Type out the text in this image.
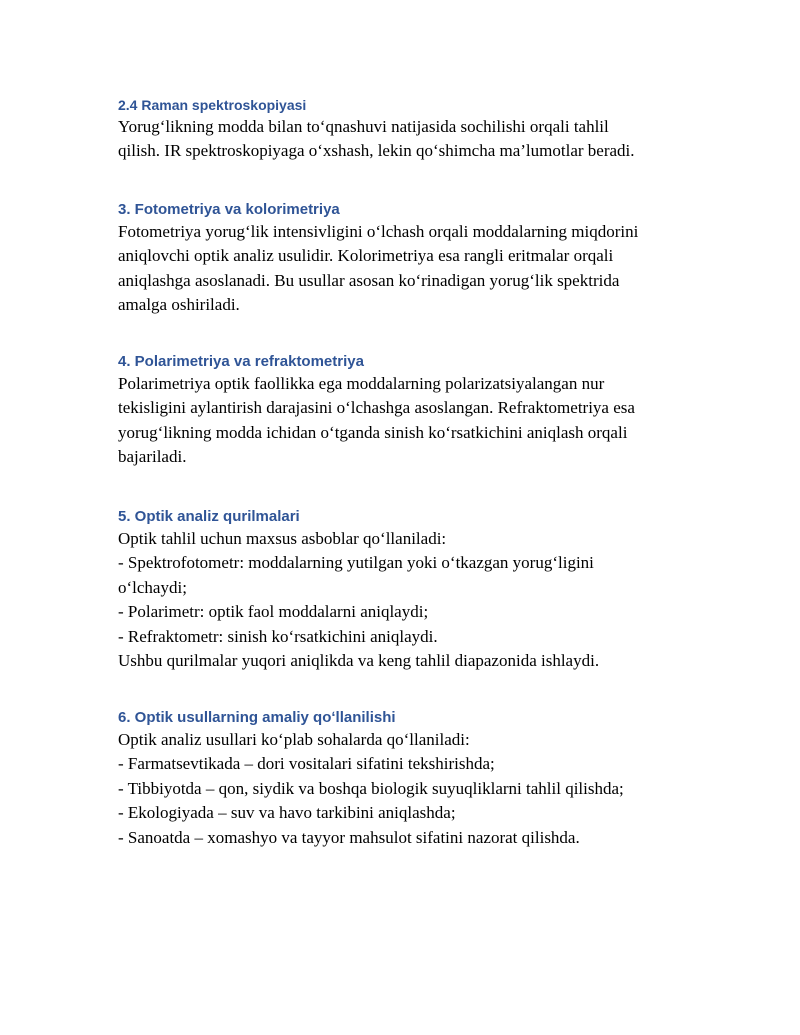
2.4 Raman spektroskopiyasi

Yorug‘likning modda bilan to‘qnashuvi natijasida sochilishi orqali tahlil

qilish. IR spektroskopiyaga o‘xshash, lekin qo‘shimcha ma’lumotlar beradi.

3. Fotometriya va kolorimetriya

Fotometriya yorug‘lik intensivligini o‘lchash orqali moddalarning miqdorini

aniqlovchi optik analiz usulidir. Kolorimetriya esa rangli eritmalar orqali

aniqlashga asoslanadi. Bu usullar asosan ko‘rinadigan yorug‘lik spektrida

amalga oshiriladi.

4. Polarimetriya va refraktometriya

Polarimetriya optik faollikka ega moddalarning polarizatsiyalangan nur

tekisligini aylantirish darajasini o‘lchashga asoslangan. Refraktometriya esa

yorug‘likning modda ichidan o‘tganda sinish ko‘rsatkichini aniqlash orqali

bajariladi.

5. Optik analiz qurilmalari

Optik tahlil uchun maxsus asboblar qo‘llaniladi:

- Spektrofotometr: moddalarning yutilgan yoki o‘tkazgan yorug‘ligini

o‘lchaydi;

- Polarimetr: optik faol moddalarni aniqlaydi;

- Refraktometr: sinish ko‘rsatkichini aniqlaydi.

Ushbu qurilmalar yuqori aniqlikda va keng tahlil diapazonida ishlaydi.

6. Optik usullarning amaliy qoʻllanilishi

Optik analiz usullari ko‘plab sohalarda qo‘llaniladi:

- Farmatsevtikada – dori vositalari sifatini tekshirishda;

- Tibbiyotda – qon, siydik va boshqa biologik suyuqliklarni tahlil qilishda;

- Ekologiyada – suv va havo tarkibini aniqlashda;

- Sanoatda – xomashyo va tayyor mahsulot sifatini nazorat qilishda.
